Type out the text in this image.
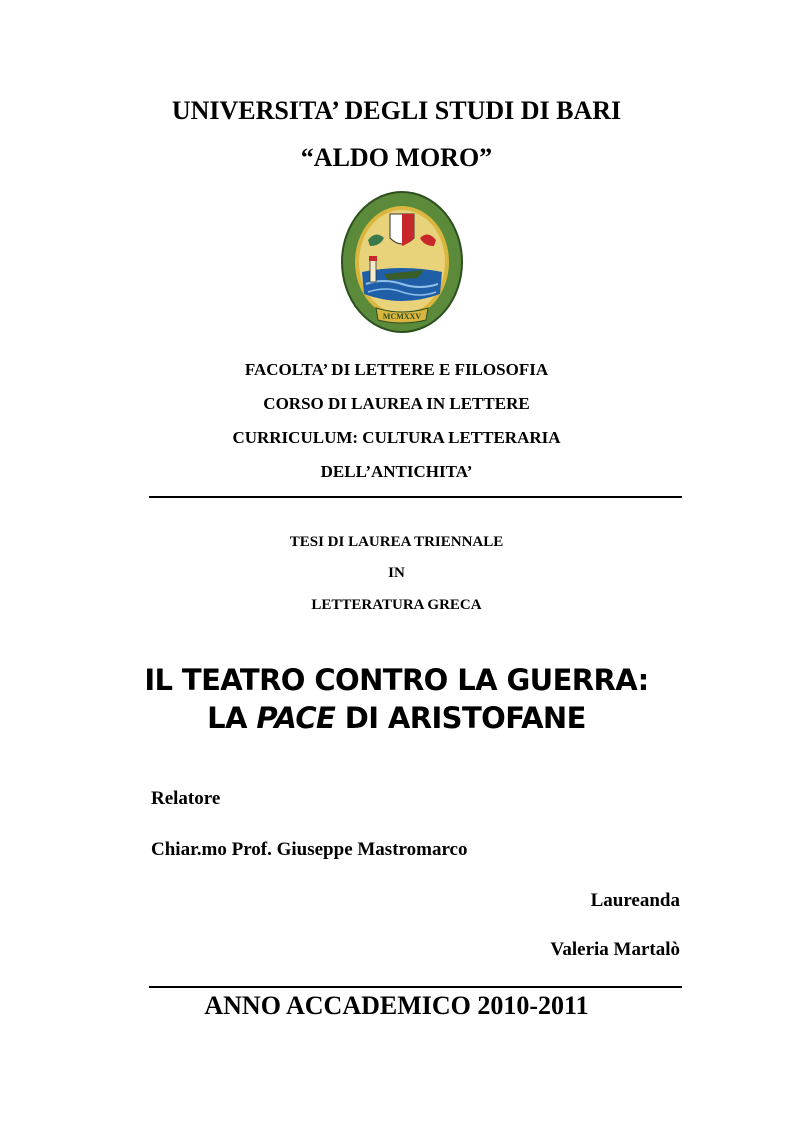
UNIVERSITA’ DEGLI STUDI DI BARI
“ALDO MORO”
MCMXXV
FACOLTA’ DI LETTERE E FILOSOFIA
CORSO DI LAUREA IN LETTERE
CURRICULUM: CULTURA LETTERARIA
DELL’ANTICHITA’
TESI DI LAUREA TRIENNALE
IN
LETTERATURA GRECA
IL TEATRO CONTRO LA GUERRA:
LA PACE DI ARISTOFANE
Relatore
Chiar.mo Prof. Giuseppe Mastromarco
Laureanda
Valeria Martalò
ANNO ACCADEMICO 2010-2011
